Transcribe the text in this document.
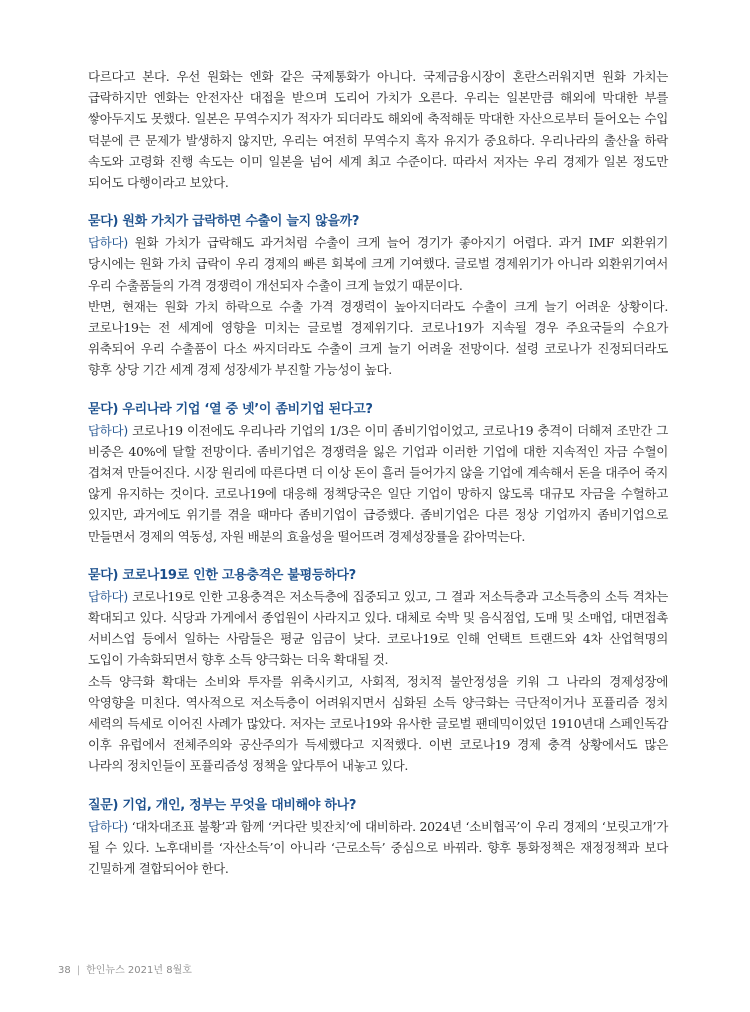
다르다고 본다. 우선 원화는 엔화 같은 국제통화가 아니다. 국제금융시장이 혼란스러워지면 원화 가치는 급락하지만 엔화는 안전자산 대접을 받으며 도리어 가치가 오른다. 우리는 일본만큼 해외에 막대한 부를 쌓아두지도 못했다. 일본은 무역수지가 적자가 되더라도 해외에 축적해둔 막대한 자산으로부터 들어오는 수입 덕분에 큰 문제가 발생하지 않지만, 우리는 여전히 무역수지 흑자 유지가 중요하다. 우리나라의 출산율 하락 속도와 고령화 진행 속도는 이미 일본을 넘어 세계 최고 수준이다. 따라서 저자는 우리 경제가 일본 정도만 되어도 다행이라고 보았다.

묻다) 원화 가치가 급락하면 수출이 늘지 않을까?

답하다) 원화 가치가 급락해도 과거처럼 수출이 크게 늘어 경기가 좋아지기 어렵다. 과거 IMF 외환위기 당시에는 원화 가치 급락이 우리 경제의 빠른 회복에 크게 기여했다. 글로벌 경제위기가 아니라 외환위기여서 우리 수출품들의 가격 경쟁력이 개선되자 수출이 크게 늘었기 때문이다.

반면, 현재는 원화 가치 하락으로 수출 가격 경쟁력이 높아지더라도 수출이 크게 늘기 어려운 상황이다. 코로나19는 전 세계에 영향을 미치는 글로벌 경제위기다. 코로나19가 지속될 경우 주요국들의 수요가 위축되어 우리 수출품이 다소 싸지더라도 수출이 크게 늘기 어려울 전망이다. 설령 코로나가 진정되더라도 향후 상당 기간 세계 경제 성장세가 부진할 가능성이 높다.

묻다) 우리나라 기업 ‘열 중 넷’이 좀비기업 된다고?

답하다) 코로나19 이전에도 우리나라 기업의 1/3은 이미 좀비기업이었고, 코로나19 충격이 더해져 조만간 그 비중은 40%에 달할 전망이다. 좀비기업은 경쟁력을 잃은 기업과 이러한 기업에 대한 지속적인 자금 수혈이 겹쳐져 만들어진다. 시장 원리에 따른다면 더 이상 돈이 흘러 들어가지 않을 기업에 계속해서 돈을 대주어 죽지 않게 유지하는 것이다. 코로나19에 대응해 정책당국은 일단 기업이 망하지 않도록 대규모 자금을 수혈하고 있지만, 과거에도 위기를 겪을 때마다 좀비기업이 급증했다. 좀비기업은 다른 정상 기업까지 좀비기업으로 만들면서 경제의 역동성, 자원 배분의 효율성을 떨어뜨려 경제성장률을 갉아먹는다.

묻다) 코로나19로 인한 고용충격은 불평등하다?

답하다) 코로나19로 인한 고용충격은 저소득층에 집중되고 있고, 그 결과 저소득층과 고소득층의 소득 격차는 확대되고 있다. 식당과 가게에서 종업원이 사라지고 있다. 대체로 숙박 및 음식점업, 도매 및 소매업, 대면접촉 서비스업 등에서 일하는 사람들은 평균 임금이 낮다. 코로나19로 인해 언택트 트랜드와 4차 산업혁명의 도입이 가속화되면서 향후 소득 양극화는 더욱 확대될 것.

소득 양극화 확대는 소비와 투자를 위축시키고, 사회적, 정치적 불안정성을 키워 그 나라의 경제성장에 악영향을 미친다. 역사적으로 저소득층이 어려워지면서 심화된 소득 양극화는 극단적이거나 포퓰리즘 정치 세력의 득세로 이어진 사례가 많았다. 저자는 코로나19와 유사한 글로벌 팬데믹이었던 1910년대 스페인독감 이후 유럽에서 전체주의와 공산주의가 득세했다고 지적했다. 이번 코로나19 경제 충격 상황에서도 많은 나라의 정치인들이 포퓰리즘성 정책을 앞다투어 내놓고 있다.

질문) 기업, 개인, 정부는 무엇을 대비해야 하나?

답하다) ‘대차대조표 불황’과 함께 ‘커다란 빚잔치’에 대비하라. 2024년 ‘소비협곡’이 우리 경제의 ‘보릿고개’가 될 수 있다. 노후대비를 ‘자산소득’이 아니라 ‘근로소득’ 중심으로 바꿔라. 향후 통화정책은 재정정책과 보다 긴밀하게 결합되어야 한다.

38 | 한인뉴스 2021년 8월호
